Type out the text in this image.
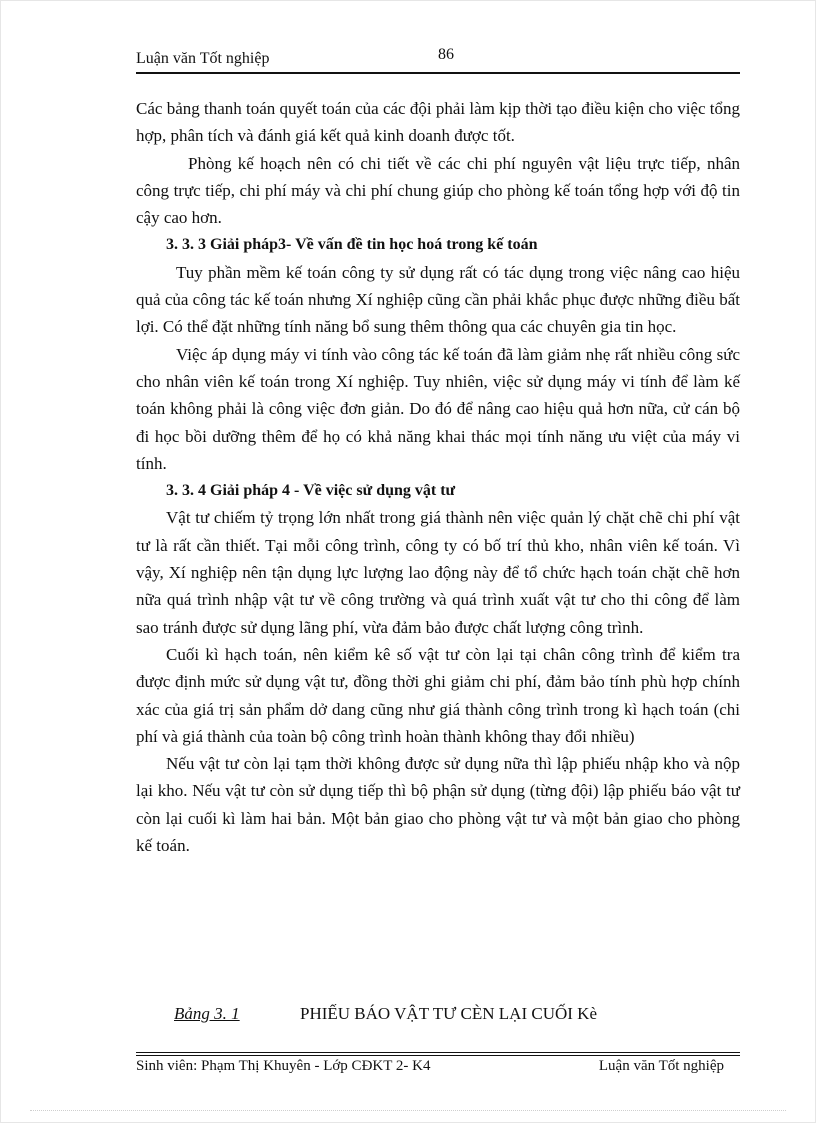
Luận văn Tốt nghiệp	86

Các bảng thanh toán quyết toán của các đội phải làm kịp thời tạo điều kiện cho việc tổng hợp, phân tích và đánh giá kết quả kinh doanh được tốt.

Phòng kế hoạch nên có chi tiết về các chi phí nguyên vật liệu trực tiếp, nhân công trực tiếp, chi phí máy và chi phí chung giúp cho phòng kế toán tổng hợp với độ tin cậy cao hơn.

3. 3. 3 Giải pháp3- Về vấn đề tin học hoá trong kế toán

Tuy phần mềm kế toán công ty sử dụng rất có tác dụng trong việc nâng cao hiệu quả của công tác kế toán nhưng Xí nghiệp cũng cần phải khắc phục được những điều bất lợi. Có thể đặt những tính năng bổ sung thêm thông qua các chuyên gia tin học.

Việc áp dụng máy vi tính vào công tác kế toán đã làm giảm nhẹ rất nhiều công sức cho nhân viên kế toán trong Xí nghiệp. Tuy nhiên, việc sử dụng máy vi tính để làm kế toán không phải là công việc đơn giản. Do đó để nâng cao hiệu quả hơn nữa, cử cán bộ đi học bồi dưỡng thêm để họ có khả năng khai thác mọi tính năng ưu việt của máy vi tính.

3. 3. 4 Giải pháp 4 - Về việc sử dụng vật tư

Vật tư chiếm tỷ trọng lớn nhất trong giá thành nên việc quản lý chặt chẽ chi phí vật tư là rất cần thiết. Tại mỗi công trình, công ty có bố trí thủ kho, nhân viên kế toán. Vì vậy, Xí nghiệp nên tận dụng lực lượng lao động này để tổ chức hạch toán chặt chẽ hơn nữa quá trình nhập vật tư về công trường và quá trình xuất vật tư cho thi công để làm sao tránh được sử dụng lãng phí, vừa đảm bảo được chất lượng công trình.

Cuối kì hạch toán, nên kiểm kê số vật tư còn lại tại chân công trình để kiểm tra được định mức sử dụng vật tư, đồng thời ghi giảm chi phí, đảm bảo tính phù hợp chính xác của giá trị sản phẩm dở dang cũng như giá thành công trình trong kì hạch toán (chi phí và giá thành của toàn bộ công trình hoàn thành không thay đổi nhiều)

Nếu vật tư còn lại tạm thời không được sử dụng nữa thì lập phiếu nhập kho và nộp lại kho. Nếu vật tư còn sử dụng tiếp thì bộ phận sử dụng (từng đội) lập phiếu báo vật tư còn lại cuối kì làm hai bản. Một bản giao cho phòng vật tư và một bản giao cho phòng kế toán.

Bảng 3. 1	PHIẾU BÁO VẬT TƯ CÈN LẠI CUỐI Kè
Sinh viên: Phạm Thị Khuyên - Lớp CĐKT 2- K4	Luận văn Tốt nghiệp
